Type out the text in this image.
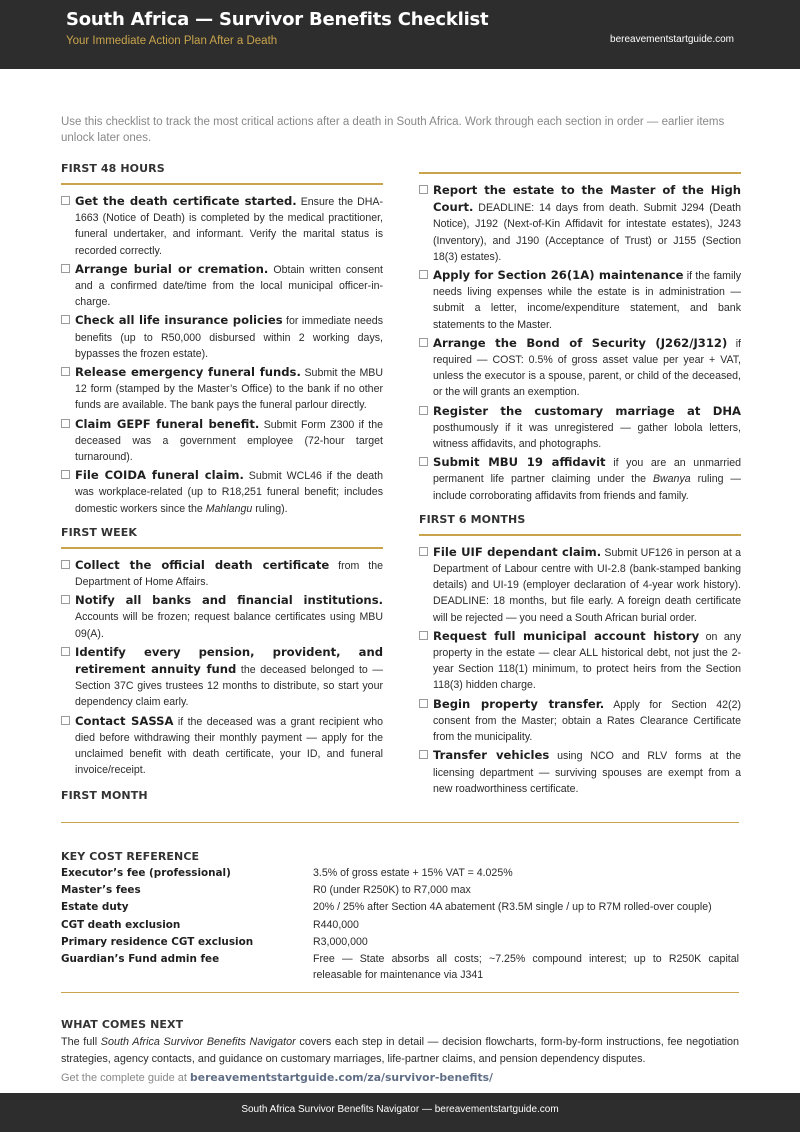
South Africa — Survivor Benefits Checklist
Your Immediate Action Plan After a Death	bereavementstartguide.com
Use this checklist to track the most critical actions after a death in South Africa. Work through each section in order — earlier items unlock later ones.
FIRST 48 HOURS
Get the death certificate started. Ensure the DHA-1663 (Notice of Death) is completed by the medical practitioner, funeral undertaker, and informant. Verify the marital status is recorded correctly.
Arrange burial or cremation. Obtain written consent and a confirmed date/time from the local municipal officer-in-charge.
Check all life insurance policies for immediate needs benefits (up to R50,000 disbursed within 2 working days, bypasses the frozen estate).
Release emergency funeral funds. Submit the MBU 12 form (stamped by the Master’s Office) to the bank if no other funds are available. The bank pays the funeral parlour directly.
Claim GEPF funeral benefit. Submit Form Z300 if the deceased was a government employee (72-hour target turnaround).
File COIDA funeral claim. Submit WCL46 if the death was workplace-related (up to R18,251 funeral benefit; includes domestic workers since the Mahlangu ruling).
FIRST WEEK
Collect the official death certificate from the Department of Home Affairs.
Notify all banks and financial institutions. Accounts will be frozen; request balance certificates using MBU 09(A).
Identify every pension, provident, and retirement annuity fund the deceased belonged to — Section 37C gives trustees 12 months to distribute, so start your dependency claim early.
Contact SASSA if the deceased was a grant recipient who died before withdrawing their monthly payment — apply for the unclaimed benefit with death certificate, your ID, and funeral invoice/receipt.
FIRST MONTH
Report the estate to the Master of the High Court. DEADLINE: 14 days from death. Submit J294 (Death Notice), J192 (Next-of-Kin Affidavit for intestate estates), J243 (Inventory), and J190 (Acceptance of Trust) or J155 (Section 18(3) estates).
Apply for Section 26(1A) maintenance if the family needs living expenses while the estate is in administration — submit a letter, income/expenditure statement, and bank statements to the Master.
Arrange the Bond of Security (J262/J312) if required — COST: 0.5% of gross asset value per year + VAT, unless the executor is a spouse, parent, or child of the deceased, or the will grants an exemption.
Register the customary marriage at DHA posthumously if it was unregistered — gather lobola letters, witness affidavits, and photographs.
Submit MBU 19 affidavit if you are an unmarried permanent life partner claiming under the Bwanya ruling — include corroborating affidavits from friends and family.
FIRST 6 MONTHS
File UIF dependant claim. Submit UF126 in person at a Department of Labour centre with UI-2.8 (bank-stamped banking details) and UI-19 (employer declaration of 4-year work history). DEADLINE: 18 months, but file early. A foreign death certificate will be rejected — you need a South African burial order.
Request full municipal account history on any property in the estate — clear ALL historical debt, not just the 2-year Section 118(1) minimum, to protect heirs from the Section 118(3) hidden charge.
Begin property transfer. Apply for Section 42(2) consent from the Master; obtain a Rates Clearance Certificate from the municipality.
Transfer vehicles using NCO and RLV forms at the licensing department — surviving spouses are exempt from a new roadworthiness certificate.
KEY COST REFERENCE
Executor’s fee (professional)	3.5% of gross estate + 15% VAT = 4.025%
Master’s fees	R0 (under R250K) to R7,000 max
Estate duty	20% / 25% after Section 4A abatement (R3.5M single / up to R7M rolled-over couple)
CGT death exclusion	R440,000
Primary residence CGT exclusion	R3,000,000
Guardian’s Fund admin fee	Free — State absorbs all costs; ~7.25% compound interest; up to R250K capital releasable for maintenance via J341
WHAT COMES NEXT

The full South Africa Survivor Benefits Navigator covers each step in detail — decision flowcharts, form-by-form instructions, fee negotiation strategies, agency contacts, and guidance on customary marriages, life-partner claims, and pension dependency disputes.

Get the complete guide at bereavementstartguide.com/za/survivor-benefits/

South Africa Survivor Benefits Navigator — bereavementstartguide.com
